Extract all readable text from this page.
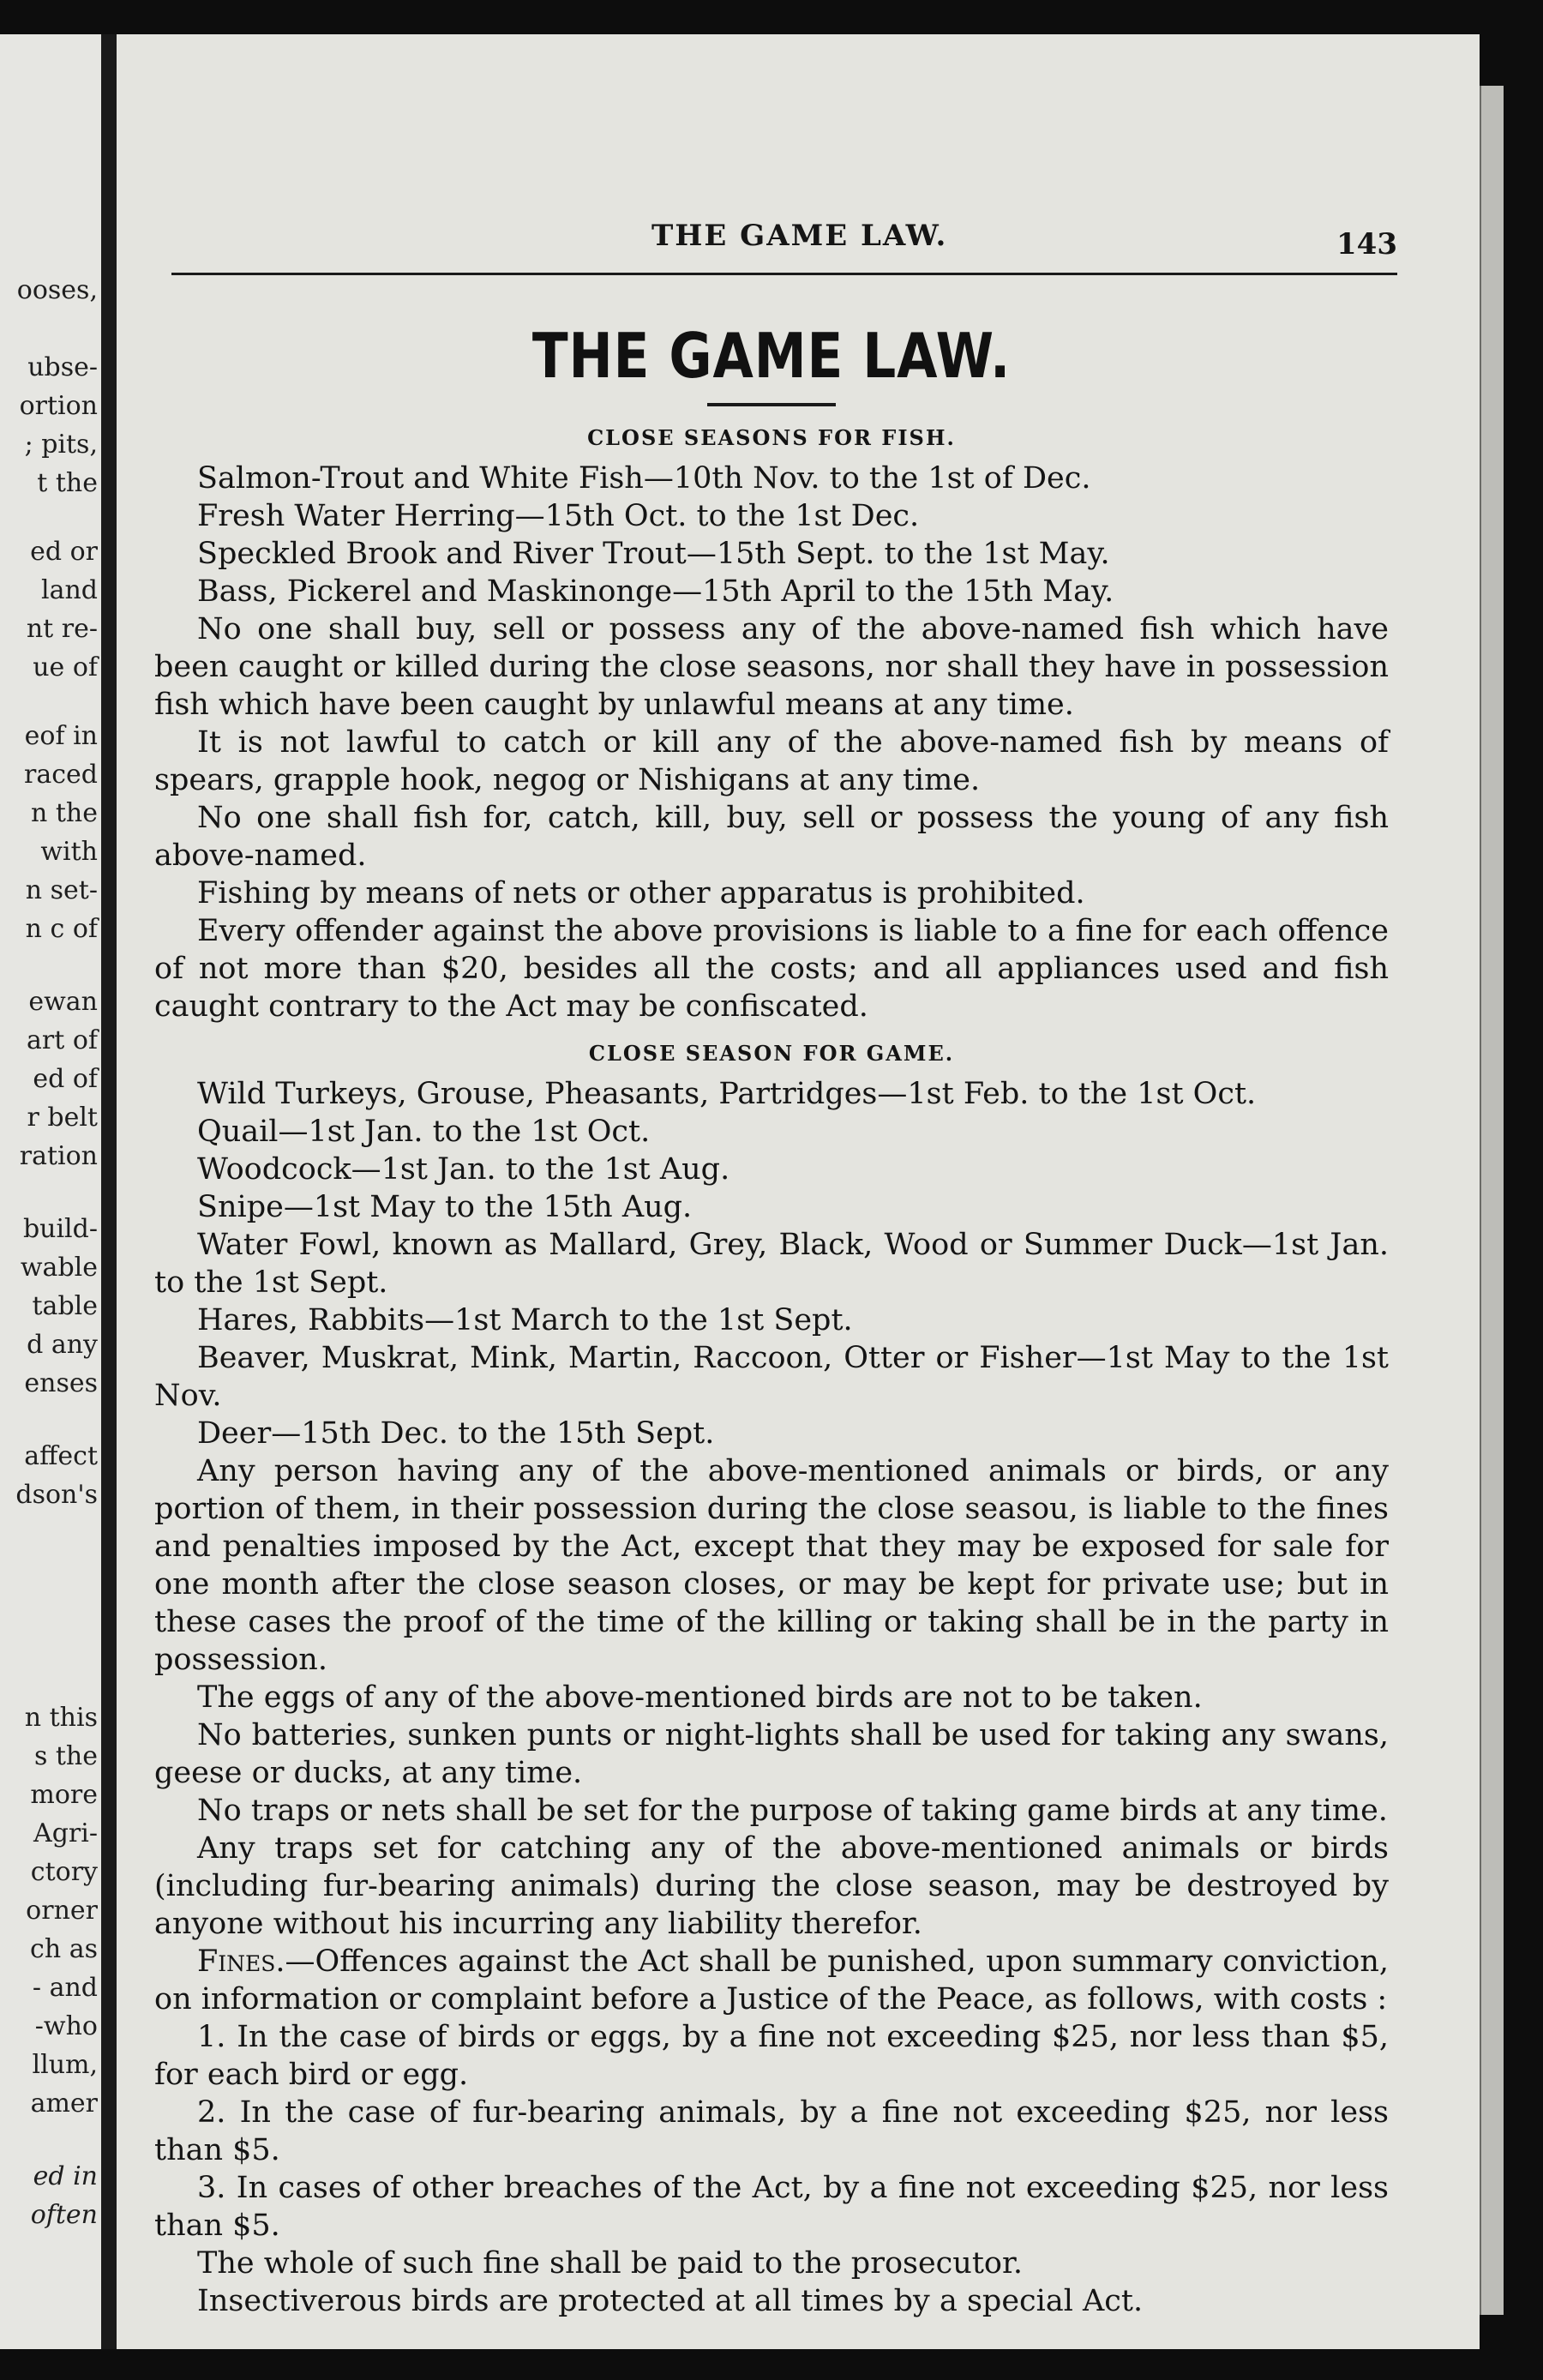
ooses,
ubse-
ortion
; pits,
t the
ed or
land
nt re-
ue of
eof in
raced
n the
with
n set-
n c of
ewan
art of
ed of
r belt
ration
build-
wable
table
d any
enses
affect
dson's
n this
s the
more
Agri-
ctory
orner
ch as
- and
-who
llum,
amer
ed in
often
THE GAME LAW.	143
THE GAME LAW.
CLOSE SEASONS FOR FISH.

Salmon-Trout and White Fish—10th Nov. to the 1st of Dec.

Fresh Water Herring—15th Oct. to the 1st Dec.

Speckled Brook and River Trout—15th Sept. to the 1st May.

Bass, Pickerel and Maskinonge—15th April to the 15th May.

No one shall buy, sell or possess any of the above-named fish which have been caught or killed during the close seasons, nor shall they have in possession fish which have been caught by unlawful means at any time.

It is not lawful to catch or kill any of the above-named fish by means of spears, grapple hook, negog or Nishigans at any time.

No one shall fish for, catch, kill, buy, sell or possess the young of any fish above-named.

Fishing by means of nets or other apparatus is prohibited.

Every offender against the above provisions is liable to a fine for each offence of not more than $20, besides all the costs; and all appliances used and fish caught contrary to the Act may be confiscated.

CLOSE SEASON FOR GAME.

Wild Turkeys, Grouse, Pheasants, Partridges—1st Feb. to the 1st Oct.

Quail—1st Jan. to the 1st Oct.

Woodcock—1st Jan. to the 1st Aug.

Snipe—1st May to the 15th Aug.

Water Fowl, known as Mallard, Grey, Black, Wood or Summer Duck—1st Jan. to the 1st Sept.

Hares, Rabbits—1st March to the 1st Sept.

Beaver, Muskrat, Mink, Martin, Raccoon, Otter or Fisher—1st May to the 1st Nov.

Deer—15th Dec. to the 15th Sept.

Any person having any of the above-mentioned animals or birds, or any portion of them, in their possession during the close seasou, is liable to the fines and penalties imposed by the Act, except that they may be exposed for sale for one month after the close season closes, or may be kept for private use; but in these cases the proof of the time of the killing or taking shall be in the party in possession.

The eggs of any of the above-mentioned birds are not to be taken.

No batteries, sunken punts or night-lights shall be used for taking any swans, geese or ducks, at any time.

No traps or nets shall be set for the purpose of taking game birds at any time.

Any traps set for catching any of the above-mentioned animals or birds (including fur-bearing animals) during the close season, may be destroyed by anyone without his incurring any liability therefor.

Fines.—Offences against the Act shall be punished, upon summary conviction, on information or complaint before a Justice of the Peace, as follows, with costs :

1. In the case of birds or eggs, by a fine not exceeding $25, nor less than $5, for each bird or egg.

2. In the case of fur-bearing animals, by a fine not exceeding $25, nor less than $5.

3. In cases of other breaches of the Act, by a fine not exceeding $25, nor less than $5.

The whole of such fine shall be paid to the prosecutor.

Insectiverous birds are protected at all times by a special Act.
